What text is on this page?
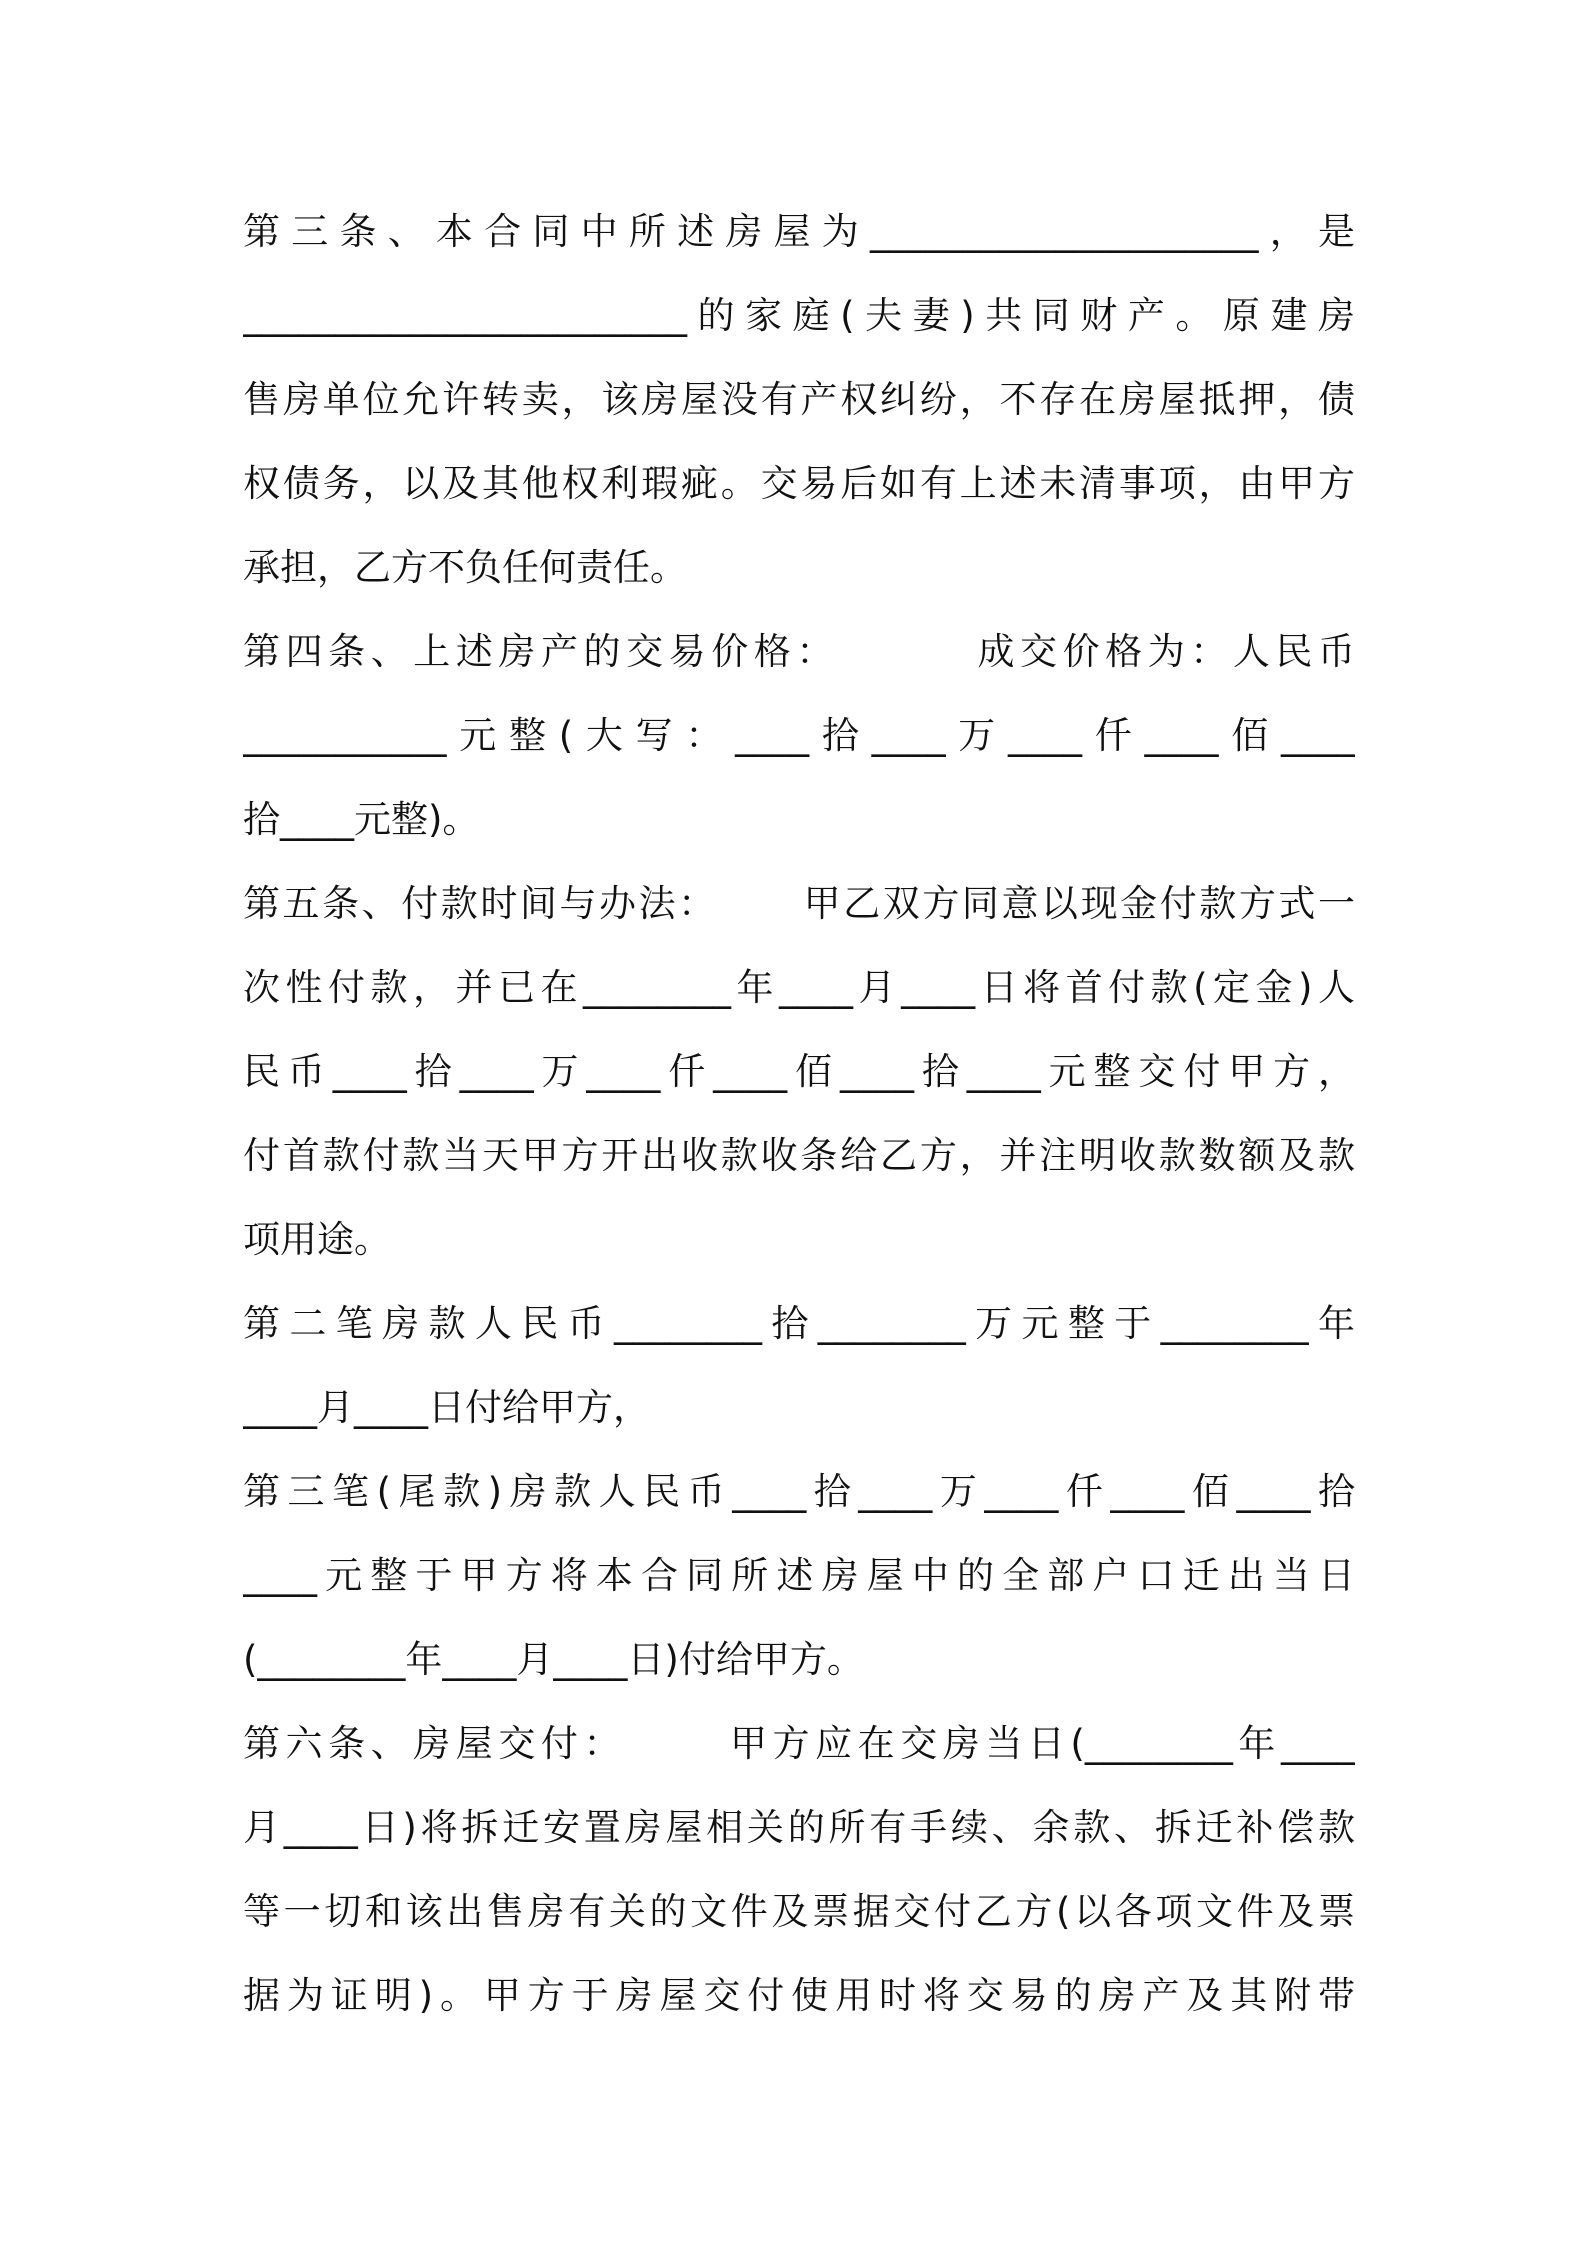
第三条、本合同中所述房屋为_____________________，是
________________________的家庭(夫妻)共同财产。原建房
售房单位允许转卖，该房屋没有产权纠纷，不存在房屋抵押，债
权债务，以及其他权利瑕疵。交易后如有上述未清事项，由甲方
承担，乙方不负任何责任。
第四条、上述房产的交易价格：        成交价格为：人民币
___________元整(大写：____拾____万____仟____佰____
拾____元整)。
第五条、付款时间与办法：      甲乙双方同意以现金付款方式一
次性付款，并已在________年____月____日将首付款(定金)人
民币____拾____万____仟____佰____拾____元整交付甲方，
付首款付款当天甲方开出收款收条给乙方，并注明收款数额及款
项用途。
第二笔房款人民币________拾________万元整于________年
____月____日付给甲方，
第三笔(尾款)房款人民币____拾____万____仟____佰____拾
____元整于甲方将本合同所述房屋中的全部户口迁出当日
(________年____月____日)付给甲方。
第六条、房屋交付：      甲方应在交房当日(________年____
月____日)将拆迁安置房屋相关的所有手续、余款、拆迁补偿款
等一切和该出售房有关的文件及票据交付乙方(以各项文件及票
据为证明)。甲方于房屋交付使用时将交易的房产及其附带
